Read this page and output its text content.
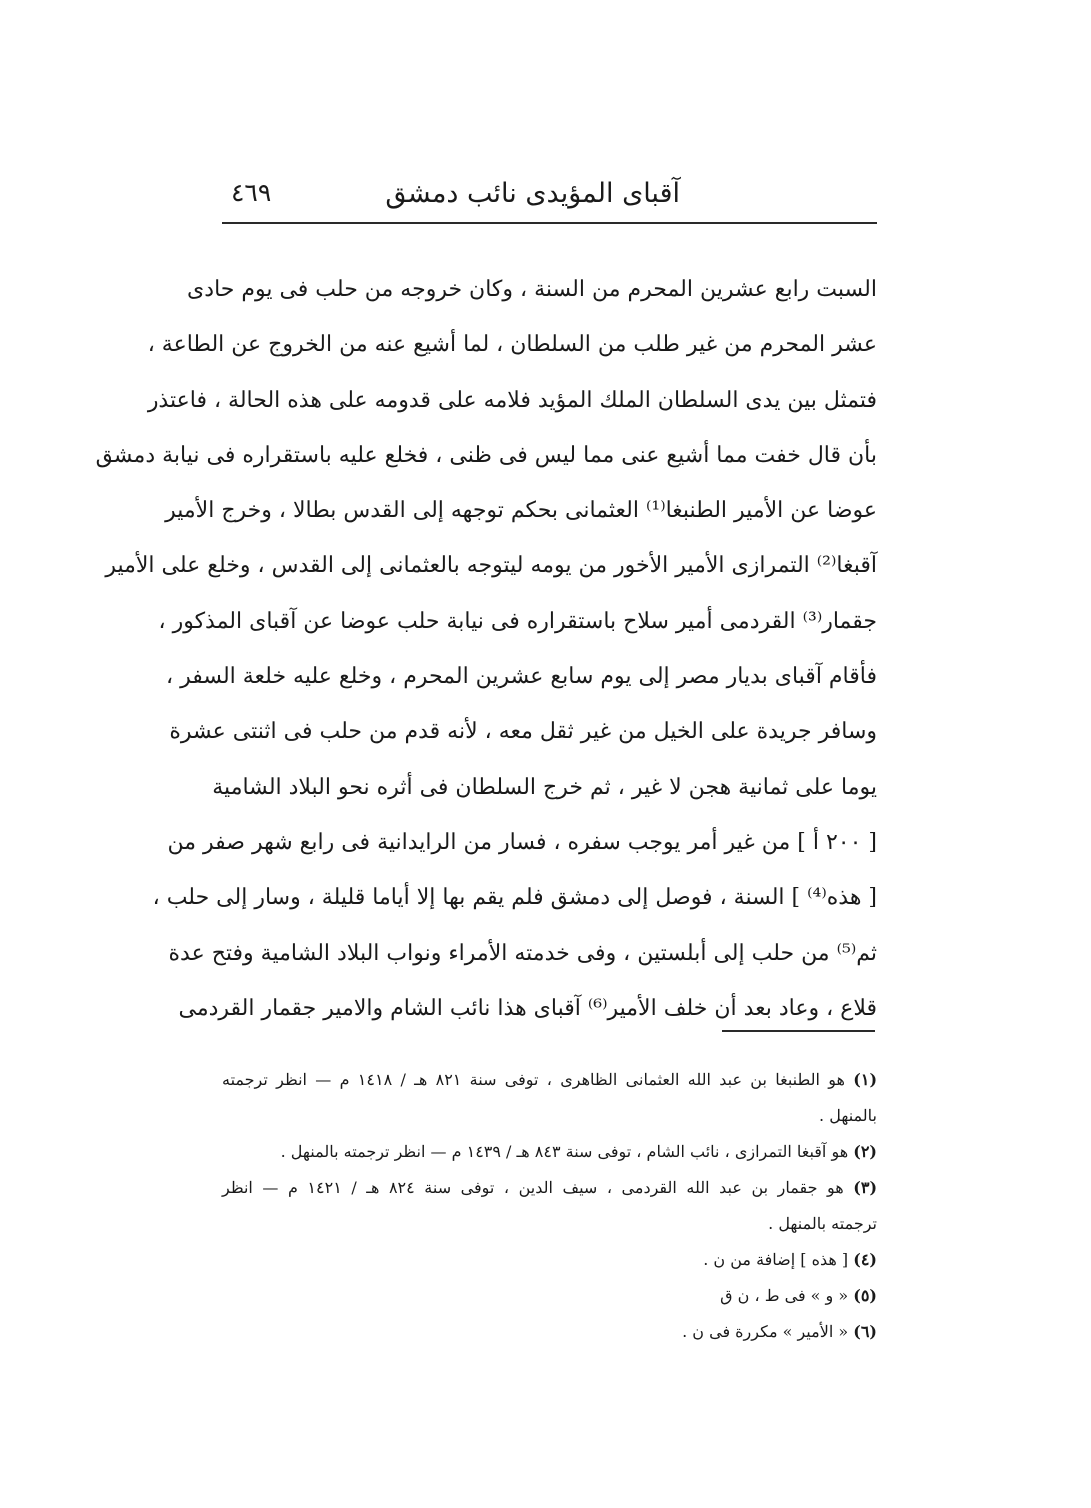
آقباى المؤيدى نائب دمشق
٤٦٩
السبت رابع عشرين المحرم من السنة ، وكان خروجه من حلب فى يوم حادى
عشر المحرم من غير طلب من السلطان ، لما أشيع عنه من الخروج عن الطاعة ،
فتمثل بين يدى السلطان الملك المؤيد فلامه على قدومه على هذه الحالة ، فاعتذر
بأن قال خفت مما أشيع عنى مما ليس فى ظنى ، فخلع عليه باستقراره فى نيابة دمشق
عوضا عن الأمير الطنبغا⁽¹⁾ العثمانى بحكم توجهه إلى القدس بطالا ، وخرج الأمير
آقبغا⁽²⁾ التمرازى الأمير الأخور من يومه ليتوجه بالعثمانى إلى القدس ، وخلع على الأمير
جقمار⁽³⁾ القردمى أمير سلاح باستقراره فى نيابة حلب عوضا عن آقباى المذكور ،
فأقام آقباى بديار مصر إلى يوم سابع عشرين المحرم ، وخلع عليه خلعة السفر ،
وسافر جريدة على الخيل من غير ثقل معه ، لأنه قدم من حلب فى اثنتى عشرة
يوما على ثمانية هجن لا غير ، ثم خرج السلطان فى أثره نحو البلاد الشامية
[ ٢٠٠ أ ] من غير أمر يوجب سفره ، فسار من الرايدانية فى رابع شهر صفر من
[ هذه⁽⁴⁾ ] السنة ، فوصل إلى دمشق فلم يقم بها إلا أياما قليلة ، وسار إلى حلب ،
ثم⁽⁵⁾ من حلب إلى أبلستين ، وفى خدمته الأمراء ونواب البلاد الشامية وفتح عدة
قلاع ، وعاد بعد أن خلف الأمير⁽⁶⁾ آقباى هذا نائب الشام والامير جقمار القردمى
(١) هو الطنبغا بن عبد الله العثمانى الظاهرى ، توفى سنة ٨٢١ هـ / ١٤١٨ م — انظر ترجمته
بالمنهل .
(٢) هو آقبغا التمرازى ، نائب الشام ، توفى سنة ٨٤٣ هـ / ١٤٣٩ م — انظر ترجمته بالمنهل .
(٣) هو جقمار بن عبد الله القردمى ، سيف الدين ، توفى سنة ٨٢٤ هـ / ١٤٢١ م — انظر
ترجمته بالمنهل .
(٤) [ هذه ] إضافة من ن .
(٥) « و » فى ط ، ن ق
(٦) « الأمير » مكررة فى ن .
